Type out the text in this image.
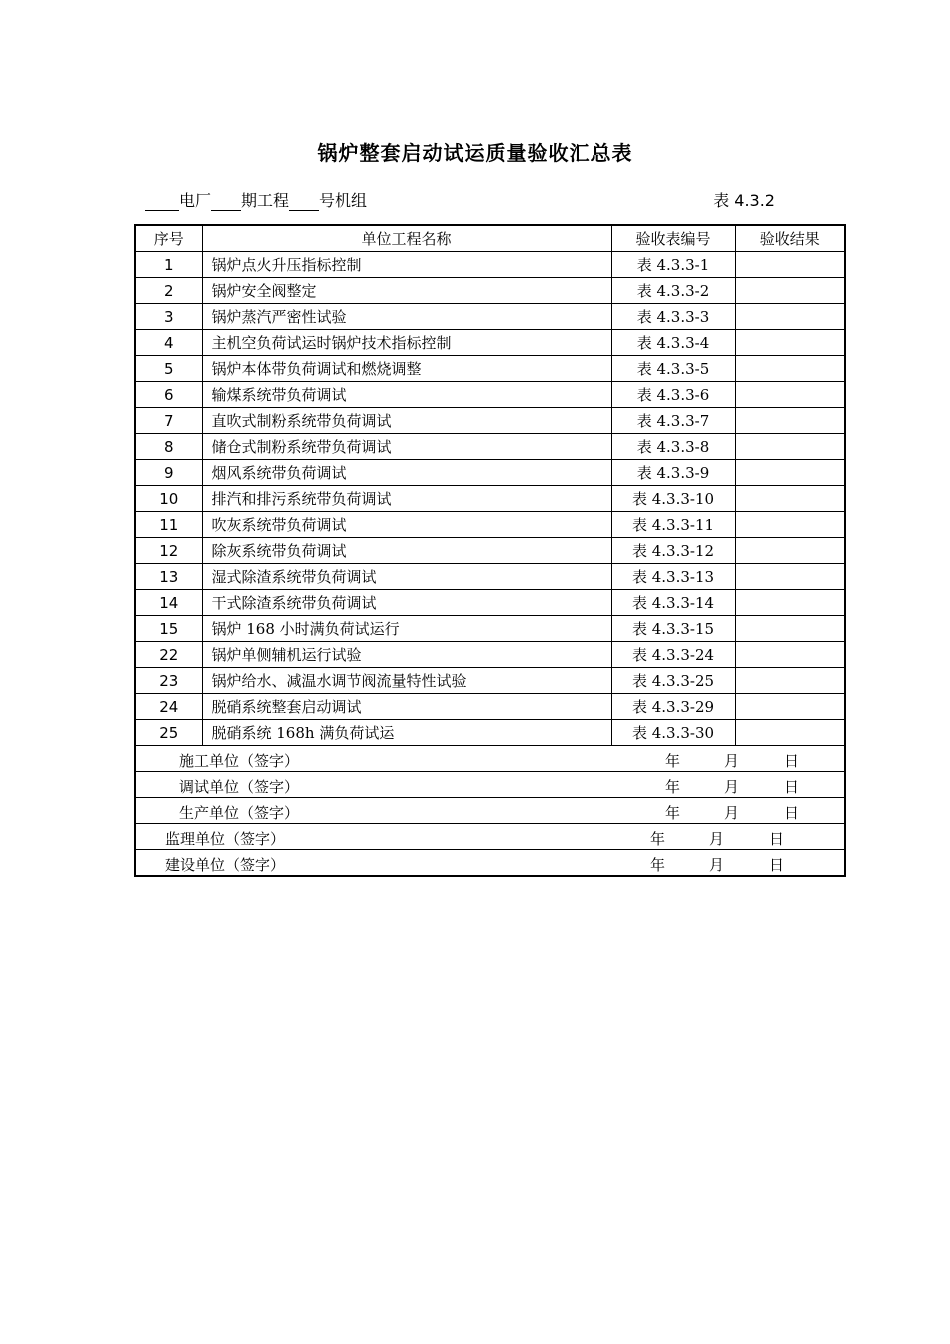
锅炉整套启动试运质量验收汇总表
电厂 期工程 号机组	表 4.3.2
序号	单位工程名称	验收表编号	验收结果
1	锅炉点火升压指标控制	表 4.3.3-1	
2	锅炉安全阀整定	表 4.3.3-2	
3	锅炉蒸汽严密性试验	表 4.3.3-3	
4	主机空负荷试运时锅炉技术指标控制	表 4.3.3-4	
5	锅炉本体带负荷调试和燃烧调整	表 4.3.3-5	
6	输煤系统带负荷调试	表 4.3.3-6	
7	直吹式制粉系统带负荷调试	表 4.3.3-7	
8	储仓式制粉系统带负荷调试	表 4.3.3-8	
9	烟风系统带负荷调试	表 4.3.3-9	
10	排汽和排污系统带负荷调试	表 4.3.3-10	
11	吹灰系统带负荷调试	表 4.3.3-11	
12	除灰系统带负荷调试	表 4.3.3-12	
13	湿式除渣系统带负荷调试	表 4.3.3-13	
14	干式除渣系统带负荷调试	表 4.3.3-14	
15	锅炉 168 小时满负荷试运行	表 4.3.3-15	
22	锅炉单侧辅机运行试验	表 4.3.3-24	
23	锅炉给水、减温水调节阀流量特性试验	表 4.3.3-25	
24	脱硝系统整套启动调试	表 4.3.3-29	
25	脱硝系统 168h 满负荷试运	表 4.3.3-30	

施工单位（签字） 年 月 日			

调试单位（签字） 年 月 日			

生产单位（签字） 年 月 日			

监理单位（签字） 年 月 日			

建设单位（签字） 年 月 日			
